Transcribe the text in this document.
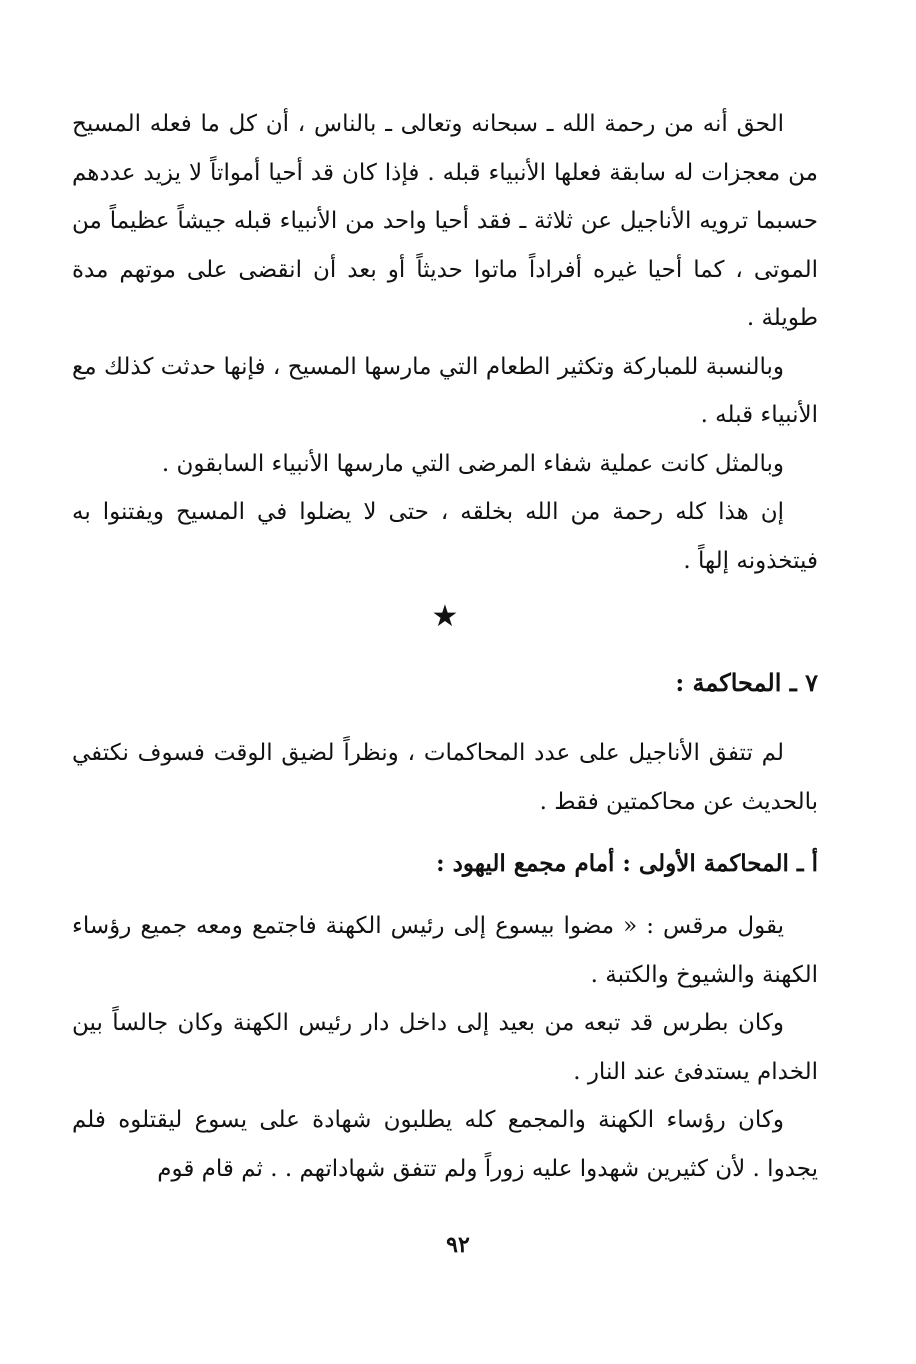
الحق أنه من رحمة الله ـ سبحانه وتعالى ـ بالناس ، أن كل ما فعله المسيح من معجزات له سابقة فعلها الأنبياء قبله . فإذا كان قد أحيا أمواتاً لا يزيد عددهم حسبما ترويه الأناجيل عن ثلاثة ـ فقد أحيا واحد من الأنبياء قبله جيشاً عظيماً من الموتى ، كما أحيا غيره أفراداً ماتوا حديثاً أو بعد أن انقضى على موتهم مدة طويلة .

وبالنسبة للمباركة وتكثير الطعام التي مارسها المسيح ، فإنها حدثت كذلك مع الأنبياء قبله .

وبالمثل كانت عملية شفاء المرضى التي مارسها الأنبياء السابقون .

إن هذا كله رحمة من الله بخلقه ، حتى لا يضلوا في المسيح ويفتنوا به فيتخذونه إلهاً .

★
٧ ـ المحاكمة :

لم تتفق الأناجيل على عدد المحاكمات ، ونظراً لضيق الوقت فسوف نكتفي بالحديث عن محاكمتين فقط .

أ ـ المحاكمة الأولى : أمام مجمع اليهود :

يقول مرقس : « مضوا بيسوع إلى رئيس الكهنة فاجتمع ومعه جميع رؤساء الكهنة والشيوخ والكتبة .

وكان بطرس قد تبعه من بعيد إلى داخل دار رئيس الكهنة وكان جالساً بين الخدام يستدفئ عند النار .

وكان رؤساء الكهنة والمجمع كله يطلبون شهادة على يسوع ليقتلوه فلم يجدوا . لأن كثيرين شهدوا عليه زوراً ولم تتفق شهاداتهم . . ثم قام قوم

٩٢
